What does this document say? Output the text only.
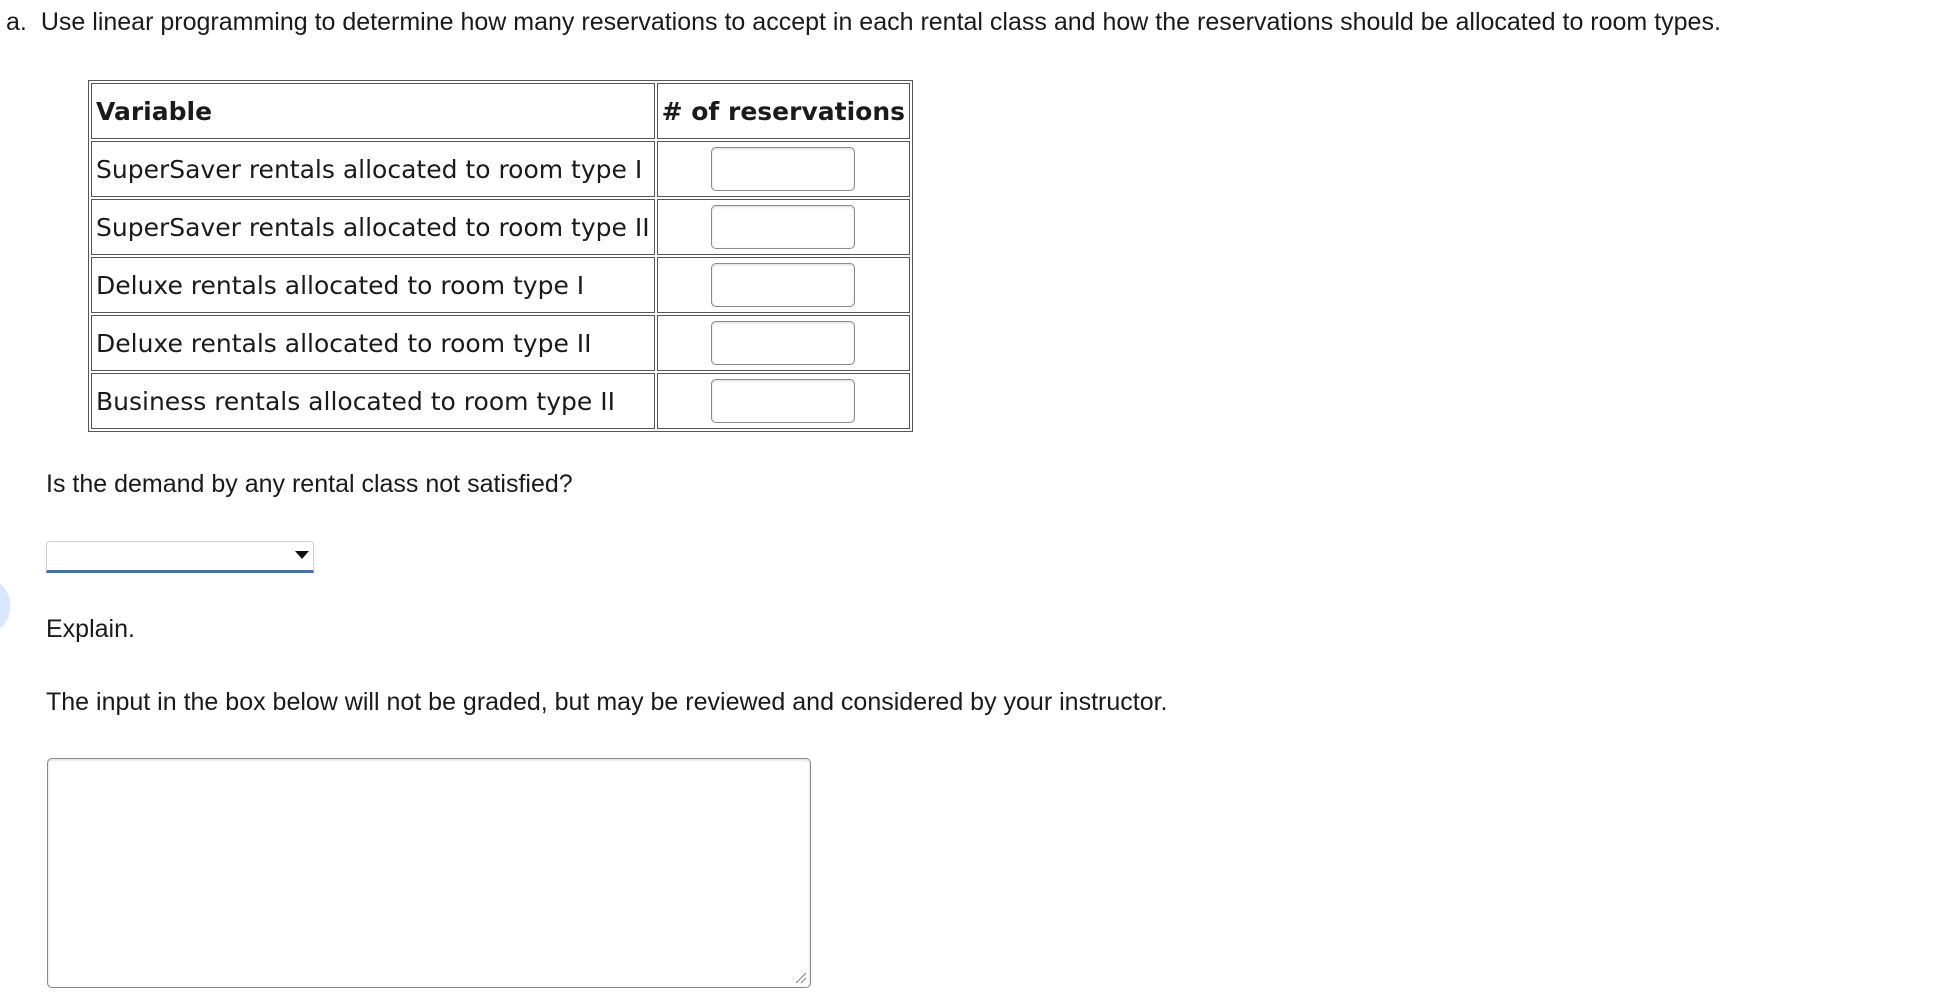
a. Use linear programming to determine how many reservations to accept in each rental class and how the reservations should be allocated to room types.
Variable	# of reservations
SuperSaver rentals allocated to room type I	
SuperSaver rentals allocated to room type II	
Deluxe rentals allocated to room type I	
Deluxe rentals allocated to room type II	
Business rentals allocated to room type II	
Is the demand by any rental class not satisfied?
Explain.
The input in the box below will not be graded, but may be reviewed and considered by your instructor.
